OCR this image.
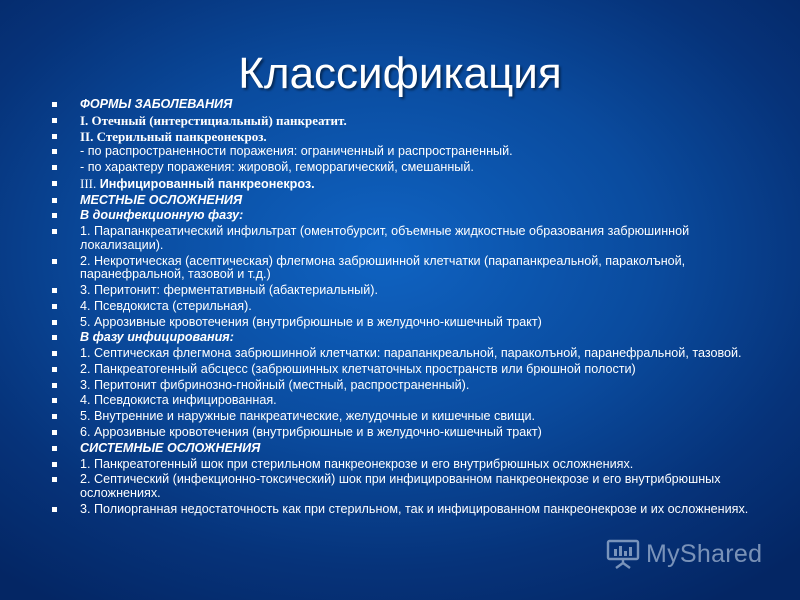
Классификация
ФОРМЫ ЗАБОЛЕВАНИЯ
I. Отечный (интерстициальный) панкреатит.
II. Стерильный панкреонекроз.
- по распространенности поражения: ограниченный и распространенный.
- по характеру поражения: жировой, геморрагический, смешанный.
III. Инфицированный панкреонекроз.
МЕСТНЫЕ ОСЛОЖНЕНИЯ
В доинфекционную фазу:
1. Парапанкреатический инфильтрат (оментобурсит, объемные жидкостные образования забрюшинной локализации).
2. Некротическая (асептическая) флегмона забрюшинной клетчатки (парапанкреальной, параколъной, паранефральной, тазовой и т.д.)
3. Перитонит: ферментативный (абактериальный).
4. Псевдокиста (стерильная).
5. Аррозивные кровотечения (внутрибрюшные и в желудочно-кишечный тракт)
В фазу инфицирования:
1. Септическая флегмона забрюшинной клетчатки: парапанкреальной, параколъной, паранефральной, тазовой.
2. Панкреатогенный абсцесс (забрюшинных клетчаточных пространств или брюшной полости)
3. Перитонит фибринозно-гнойный (местный, распространенный).
4. Псевдокиста инфицированная.
5. Внутренние и наружные панкреатические, желудочные и кишечные свищи.
6. Аррозивные кровотечения (внутрибрюшные и в желудочно-кишечный тракт)
СИСТЕМНЫЕ ОСЛОЖНЕНИЯ
1. Панкреатогенный шок при стерильном панкреонекрозе и его внутрибрюшных осложнениях.
2. Септический (инфекционно-токсический) шок при инфицированном панкреонекрозе и его внутрибрюшных осложнениях.
3. Полиорганная недостаточность как при стерильном, так и инфицированном панкреонекрозе и их осложнениях.
MyShared
